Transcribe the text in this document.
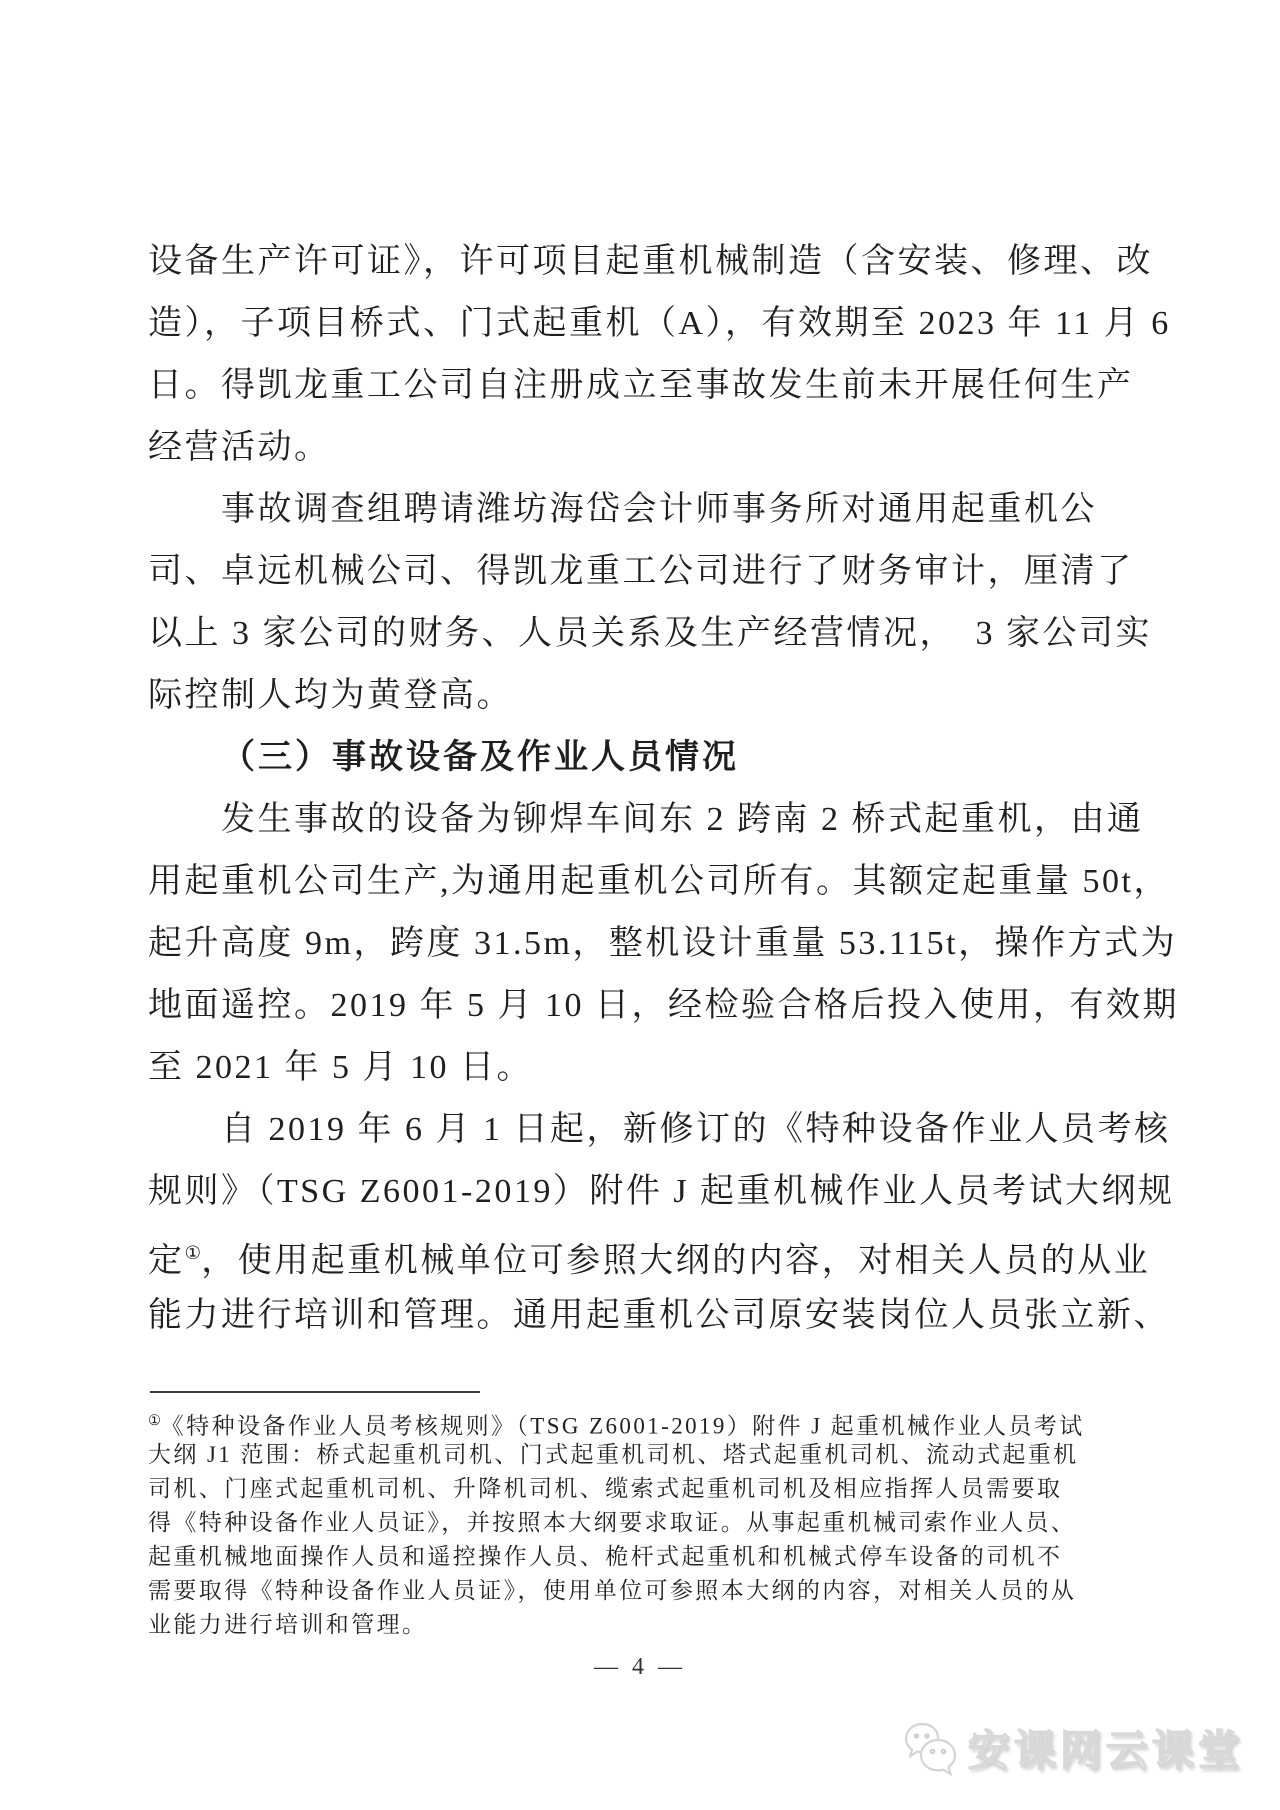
设备生产许可证》，许可项目起重机械制造（含安装、修理、改
造），子项目桥式、门式起重机（A），有效期至 2023 年 11 月 6
日。得凯龙重工公司自注册成立至事故发生前未开展任何生产
经营活动。
事故调查组聘请潍坊海岱会计师事务所对通用起重机公
司、卓远机械公司、得凯龙重工公司进行了财务审计，厘清了
以上 3 家公司的财务、人员关系及生产经营情况，　3 家公司实
际控制人均为黄登高。
（三）事故设备及作业人员情况
发生事故的设备为铆焊车间东 2 跨南 2 桥式起重机，由通
用起重机公司生产,为通用起重机公司所有。其额定起重量 50t，
起升高度 9m，跨度 31.5m，整机设计重量 53.115t，操作方式为
地面遥控。2019 年 5 月 10 日，经检验合格后投入使用，有效期
至 2021 年 5 月 10 日。
自 2019 年 6 月 1 日起，新修订的《特种设备作业人员考核
规则》（TSG Z6001-2019）附件 J 起重机械作业人员考试大纲规
定①，使用起重机械单位可参照大纲的内容，对相关人员的从业
能力进行培训和管理。通用起重机公司原安装岗位人员张立新、
①《特种设备作业人员考核规则》（TSG Z6001-2019）附件 J 起重机械作业人员考试
大纲 J1 范围：桥式起重机司机、门式起重机司机、塔式起重机司机、流动式起重机
司机、门座式起重机司机、升降机司机、缆索式起重机司机及相应指挥人员需要取
得《特种设备作业人员证》，并按照本大纲要求取证。从事起重机械司索作业人员、
起重机械地面操作人员和遥控操作人员、桅杆式起重机和机械式停车设备的司机不
需要取得《特种设备作业人员证》，使用单位可参照本大纲的内容，对相关人员的从
业能力进行培训和管理。
— 4 —
安课网云课堂
